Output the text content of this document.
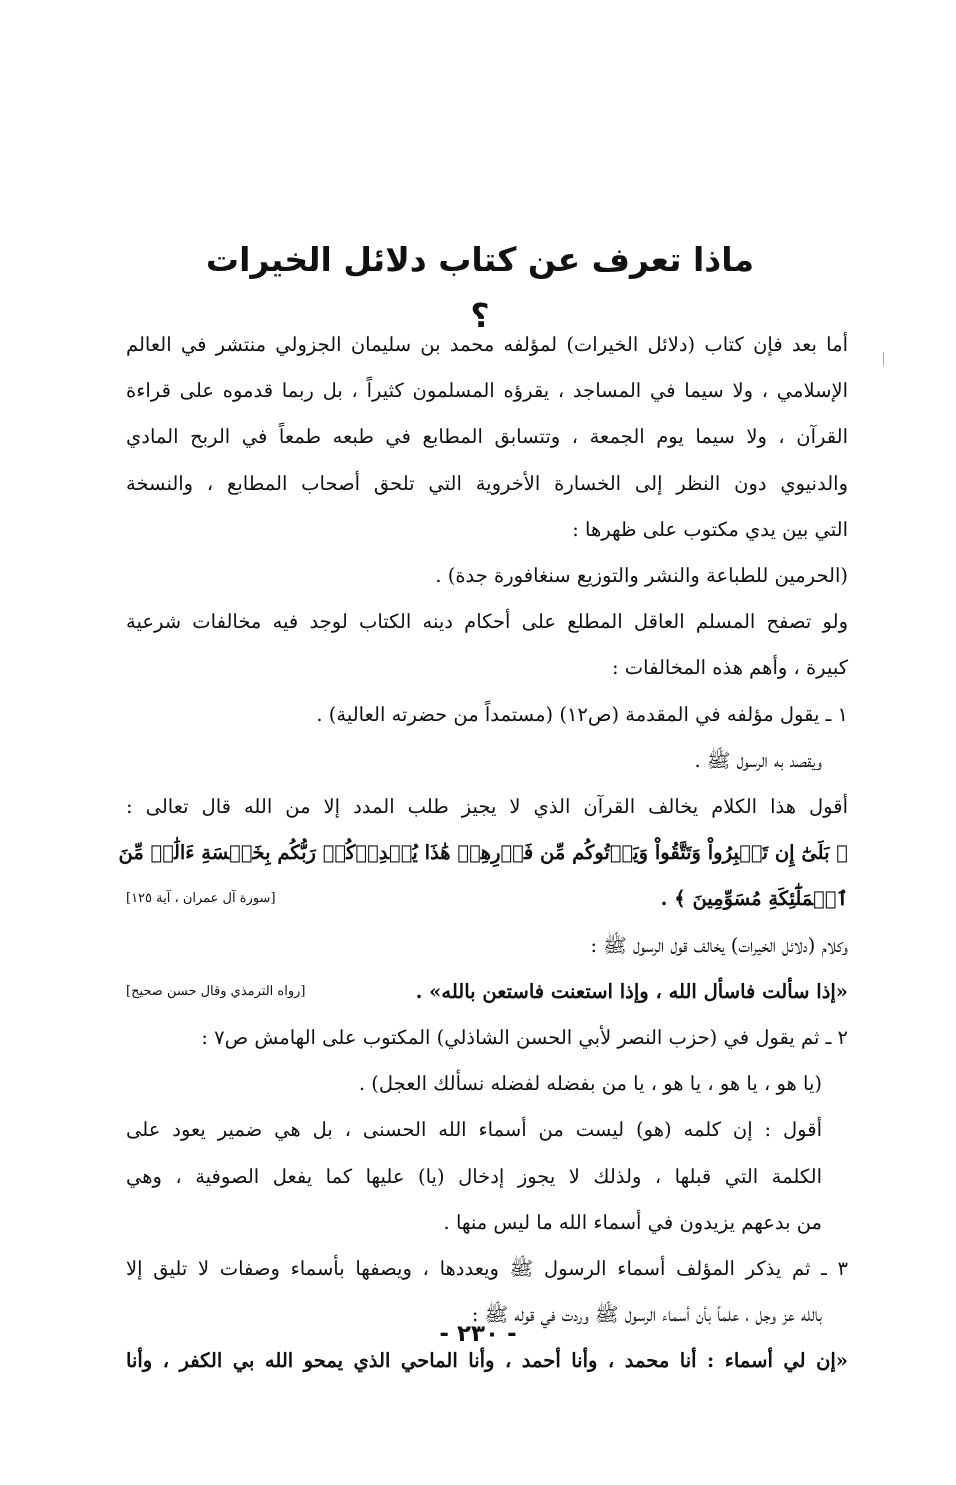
ماذا تعرف عن كتاب دلائل الخيرات ؟
أما بعد فإن كتاب (دلائل الخيرات) لمؤلفه محمد بن سليمان الجزولي منتشر في العالم
الإسلامي ، ولا سيما في المساجد ، يقرؤه المسلمون كثيراً ، بل ربما قدموه على قراءة
القرآن ، ولا سيما يوم الجمعة ، وتتسابق المطابع في طبعه طمعاً في الربح المادي
والدنيوي دون النظر إلى الخسارة الأخروية التي تلحق أصحاب المطابع ، والنسخة
التي بين يدي مكتوب على ظهرها :
(الحرمين للطباعة والنشر والتوزيع سنغافورة جدة) .
ولو تصفح المسلم العاقل المطلع على أحكام دينه الكتاب لوجد فيه مخالفات شرعية
كبيرة ، وأهم هذه المخالفات :
١ ـ يقول مؤلفه في المقدمة (ص١٢) (مستمداً من حضرته العالية) .
ويقصد به الرسول ﷺ .
أقول هذا الكلام يخالف القرآن الذي لا يجيز طلب المدد إلا من الله قال تعالى :
﴿ بَلَىٰٓ إِن تَصۡبِرُواْ وَتَتَّقُواْ وَيَأۡتُوكُم مِّن فَوۡرِهِمۡ هَٰذَا يُمۡدِدۡكُمۡ رَبُّكُم بِخَمۡسَةِ ءَالَٰفٖ مِّنَ
ٱلۡمَلَٰٓئِكَةِ مُسَوِّمِينَ ﴾ .
[سورة آل عمران ، آية ١٢٥]
وكلام (دلائل الخيرات) يخالف قول الرسول ﷺ :
«إذا سألت فاسأل الله ، وإذا استعنت فاستعن بالله» .
[رواه الترمذي وقال حسن صحيح]
٢ ـ ثم يقول في (حزب النصر لأبي الحسن الشاذلي) المكتوب على الهامش ص٧ :
(يا هو ، يا هو ، يا هو ، يا من بفضله لفضله نسألك العجل) .
أقول : إن كلمه (هو) ليست من أسماء الله الحسنى ، بل هي ضمير يعود على
الكلمة التي قبلها ، ولذلك لا يجوز إدخال (يا) عليها كما يفعل الصوفية ، وهي
من بدعهم يزيدون في أسماء الله ما ليس منها .
٣ ـ ثم يذكر المؤلف أسماء الرسول ﷺ ويعددها ، ويصفها بأسماء وصفات لا تليق إلا
بالله عز وجل ، علماً بأن أسماء الرسول ﷺ وردت في قوله ﷺ :
«إن لي أسماء : أنا محمد ، وأنا أحمد ، وأنا الماحي الذي يمحو الله بي الكفر ، وأنا
- ٢٣٠ -
